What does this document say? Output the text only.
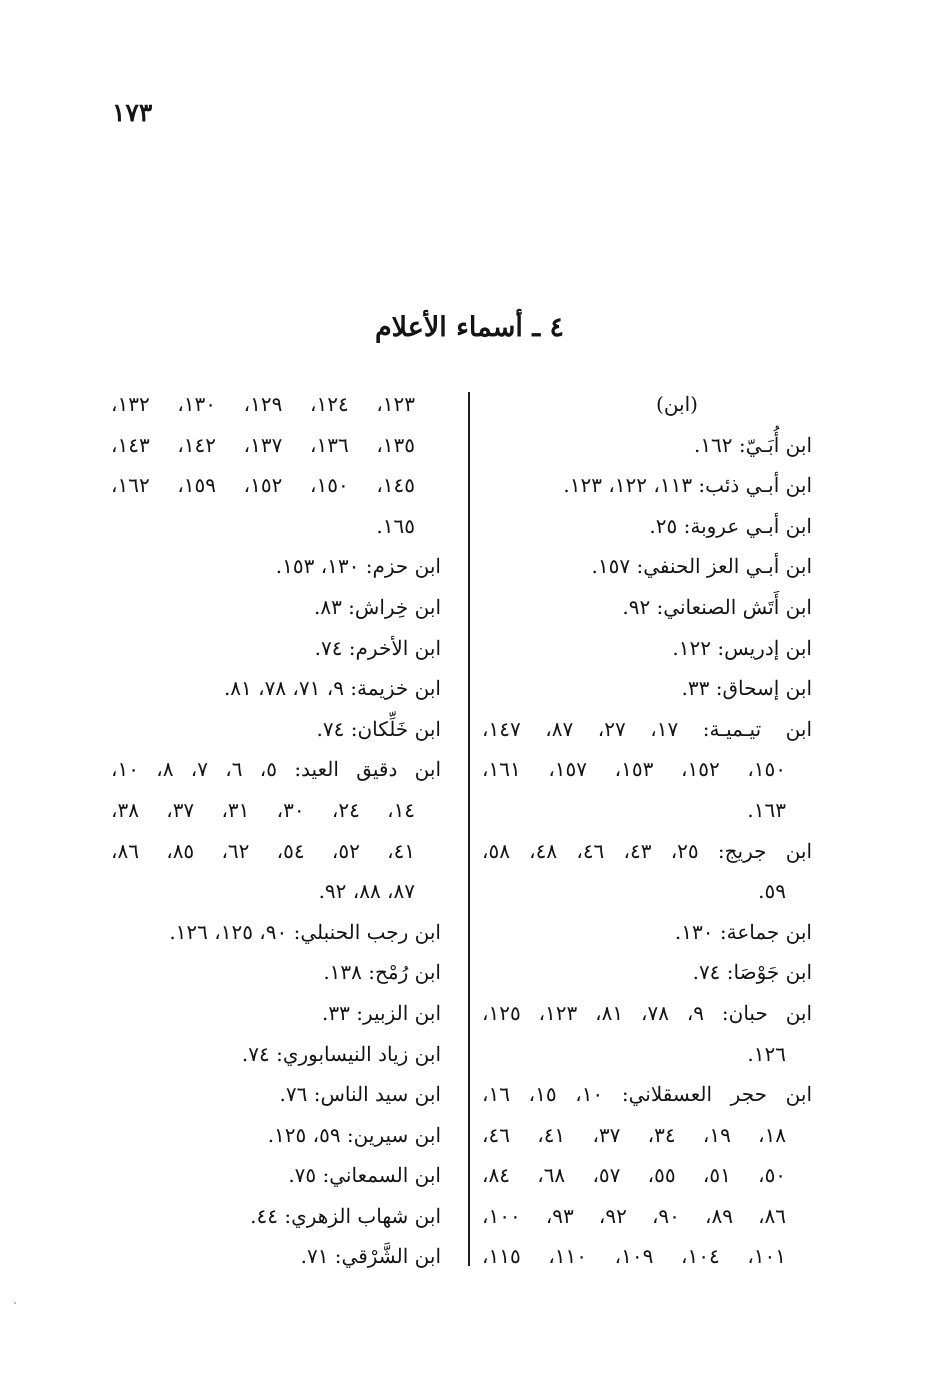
١٧٣
٤ ـ أسماء الأعلام
(ابن)
ابن أُبَـيّ: ١٦٢.
ابن أبـي ذئب: ١١٣، ١٢٢، ١٢٣.
ابن أبـي عروبة: ٢٥.
ابن أبـي العز الحنفي: ١٥٧.
ابن أَتَش الصنعاني: ٩٢.
ابن إدريس: ١٢٢.
ابن إسحاق: ٣٣.
ابن تيـميـة: ١٧، ٢٧، ٨٧، ١٤٧،
١٥٠، ١٥٢، ١٥٣، ١٥٧، ١٦١،
١٦٣.
ابن جريج: ٢٥، ٤٣، ٤٦، ٤٨، ٥٨،
٥٩.
ابن جماعة: ١٣٠.
ابن جَوْصَا: ٧٤.
ابن حبان: ٩، ٧٨، ٨١، ١٢٣، ١٢٥،
١٢٦.
ابن حجر العسقلاني: ١٠، ١٥، ١٦،
١٨، ١٩، ٣٤، ٣٧، ٤١، ٤٦،
٥٠، ٥١، ٥٥، ٥٧، ٦٨، ٨٤،
٨٦، ٨٩، ٩٠، ٩٢، ٩٣، ١٠٠،
١٠١، ١٠٤، ١٠٩، ١١٠، ١١٥،
١٢٣، ١٢٤، ١٢٩، ١٣٠، ١٣٢،
١٣٥، ١٣٦، ١٣٧، ١٤٢، ١٤٣،
١٤٥، ١٥٠، ١٥٢، ١٥٩، ١٦٢،
١٦٥.
ابن حزم: ١٣٠، ١٥٣.
ابن خِراش: ٨٣.
ابن الأخرم: ٧٤.
ابن خزيمة: ٩، ٧١، ٧٨، ٨١.
ابن خَلِّكان: ٧٤.
ابن دقيق العيد: ٥، ٦، ٧، ٨، ١٠،
١٤، ٢٤، ٣٠، ٣١، ٣٧، ٣٨،
٤١، ٥٢، ٥٤، ٦٢، ٨٥، ٨٦،
٨٧، ٨٨، ٩٢.
ابن رجب الحنبلي: ٩٠، ١٢٥، ١٢٦.
ابن رُمْح: ١٣٨.
ابن الزبير: ٣٣.
ابن زياد النيسابوري: ٧٤.
ابن سيد الناس: ٧٦.
ابن سيرين: ٥٩، ١٢٥.
ابن السمعاني: ٧٥.
ابن شهاب الزهري: ٤٤.
ابن الشَّرْقي: ٧١.
